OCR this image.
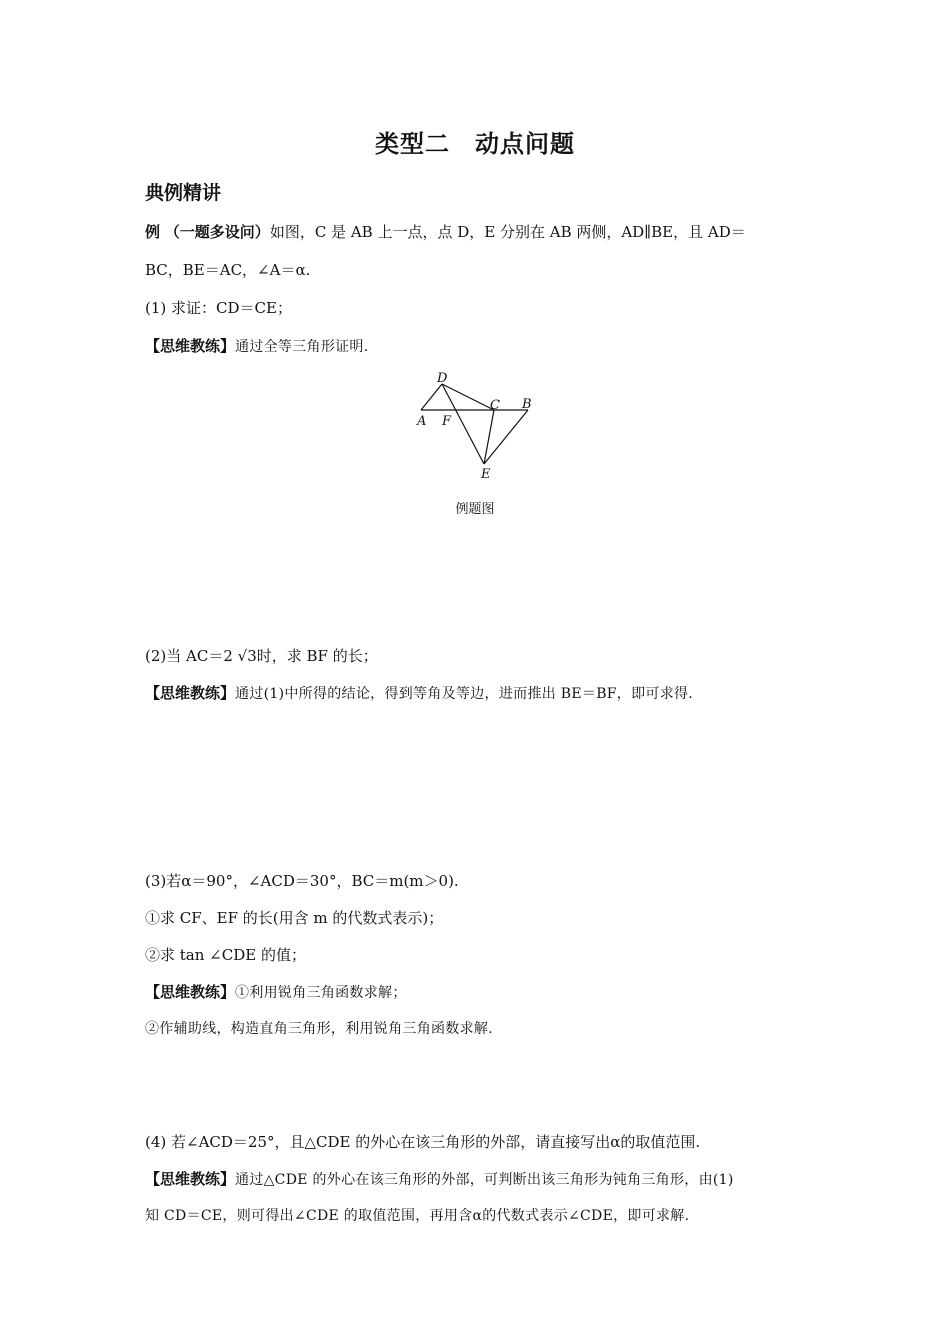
类型二　动点问题
典例精讲
例 （一题多设问）如图，C 是 AB 上一点，点 D，E 分别在 AB 两侧，AD∥BE，且 AD＝
BC，BE＝AC，∠A＝α.
(1) 求证：CD＝CE；
【思维教练】通过全等三角形证明.
D
A F
C B
E
例题图
(2)当 AC＝2 √3时，求 BF 的长；
【思维教练】通过(1)中所得的结论，得到等角及等边，进而推出 BE＝BF，即可求得.
(3)若α＝90°，∠ACD＝30°，BC＝m(m＞0).
①求 CF、EF 的长(用含 m 的代数式表示)；
②求 tan ∠CDE 的值；
【思维教练】①利用锐角三角函数求解；
②作辅助线，构造直角三角形，利用锐角三角函数求解.
(4) 若∠ACD＝25°，且△CDE 的外心在该三角形的外部，请直接写出α的取值范围.
【思维教练】通过△CDE 的外心在该三角形的外部，可判断出该三角形为钝角三角形，由(1)
知 CD＝CE，则可得出∠CDE 的取值范围，再用含α的代数式表示∠CDE，即可求解.
